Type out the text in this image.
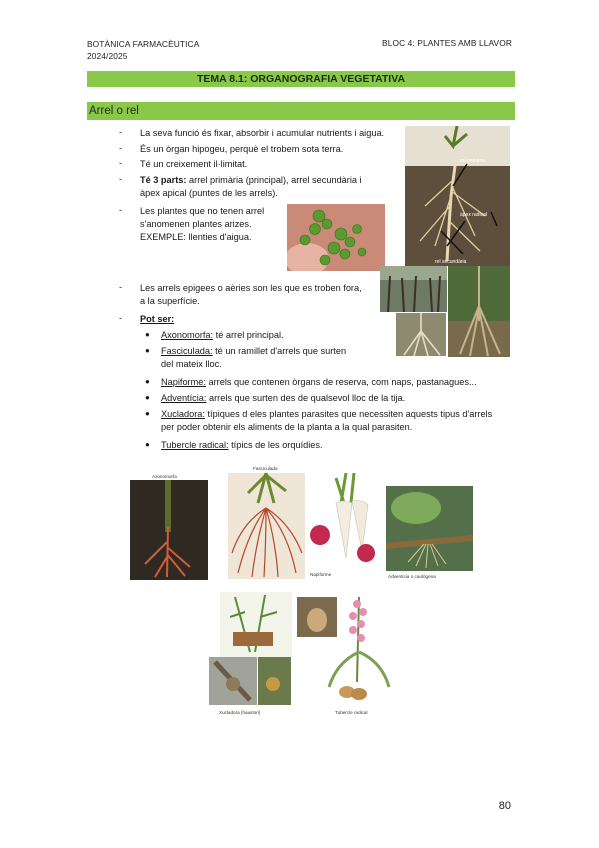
BOTÀNICA FARMACÈUTICA
2024/2025
BLOC 4: PLANTES AMB LLAVOR
TEMA 8.1: ORGANOGRAFIA VEGETATIVA
Arrel o rel
- La seva funció és fixar, absorbir i acumular nutrients i aigua.
- És un òrgan hipogeu, perquè el trobem sota terra.
- Té un creixement il·limitat.
- Té 3 parts: arrel primària (principal), arrel secundària i
àpex apical (puntes de les arrels).
- Les plantes que no tenen arrel
s'anomenen plantes arizes.
EXEMPLE: llenties d'aigua.
- Les arrels epigees o aèries son les que es troben fora,
a la superfície.
- Pot ser:
● Axonomorfa: té arrel principal.
● Fasciculada: té un ramillet d'arrels que surten
del mateix lloc.
● Napiforme: arrels que contenen òrgans de reserva, com naps, pastanagues...
● Adventícia: arrels que surten des de qualsevol lloc de la tija.
● Xucladora: típiques d eles plantes parasites que necessiten aquests tipus d'arrels
per poder obtenir els aliments de la planta a la qual parasiten.
● Tubercle radical: típics de les orquídies.
rel primària
àpex radical
rel secundària
Axonomorfa
Fasciculada
Napiforme	Adventícia o caulògena
Xucladora (haustori)	Tubercle radical
80
